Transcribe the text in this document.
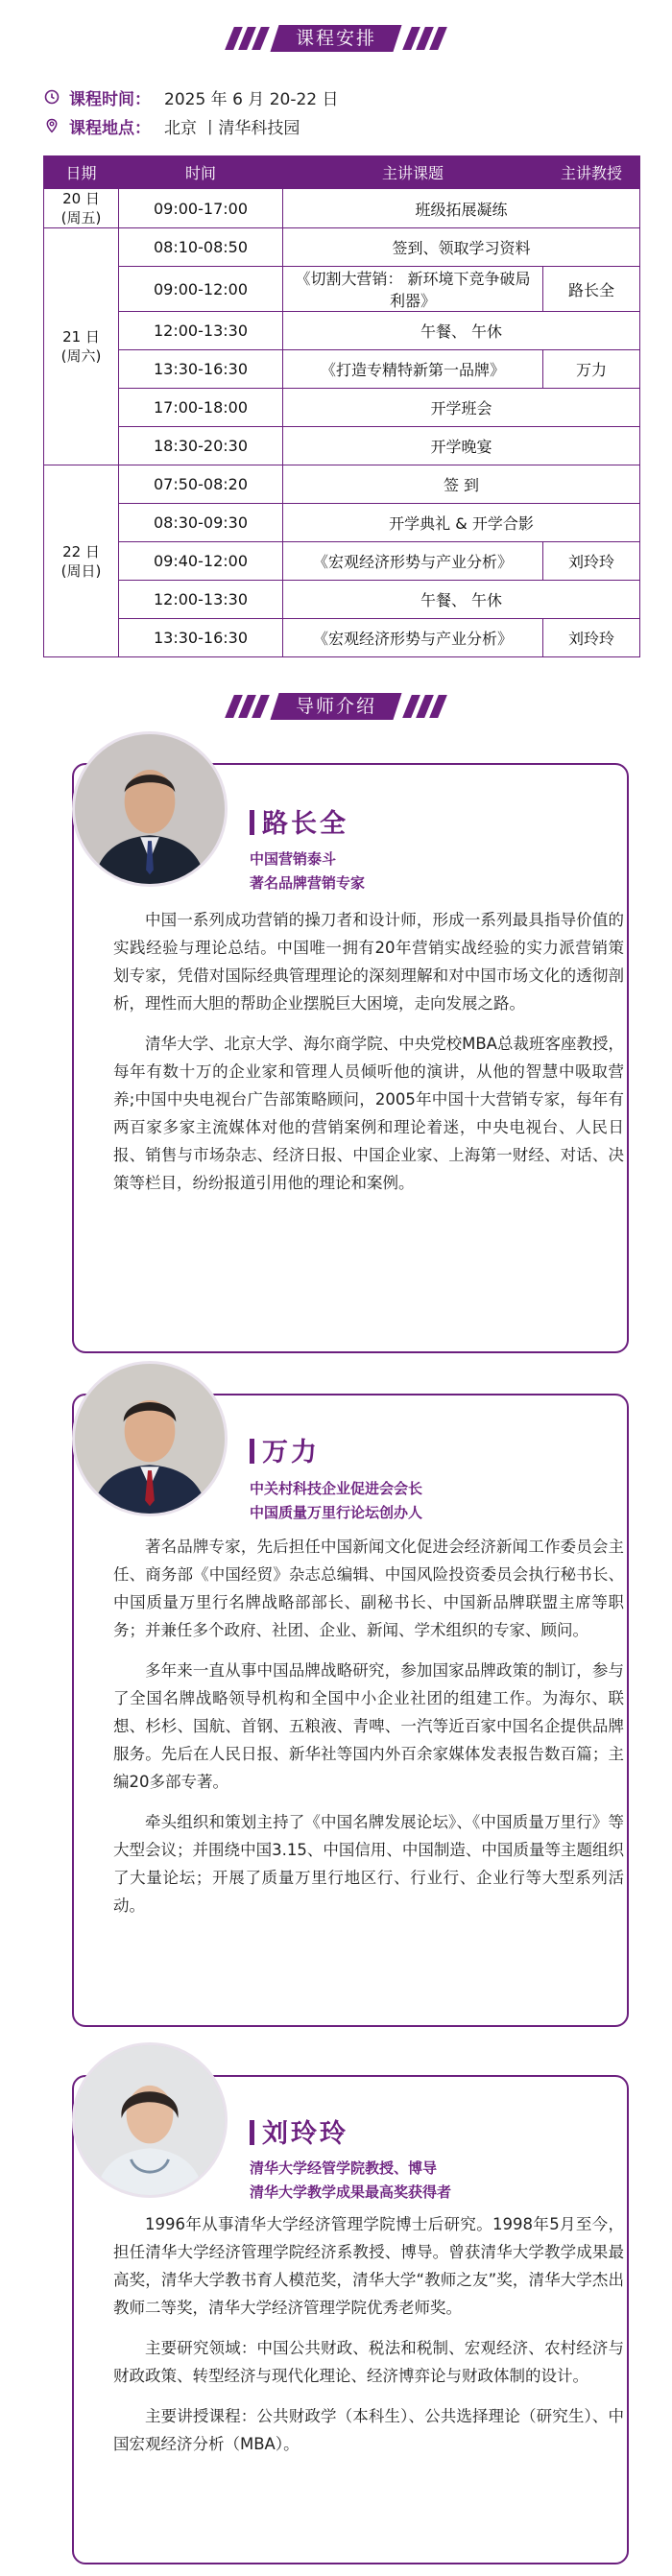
课程安排
课程时间： 2025 年 6 月 20-22 日
课程地点： 北京 丨清华科技园
日期	时间	主讲课题	主讲教授

20 日
(周五)	09:00-17:00	班级拓展凝练	

21 日
(周六)	08:10-08:50	签到、领取学习资料	
	09:00-12:00	《切割大营销： 新环境下竞争破局利器》	路长全
	12:00-13:30	午餐、 午休	
	13:30-16:30	《打造专精特新第一品牌》	万力
	17:00-18:00	开学班会	
	18:30-20:30	开学晚宴	

22 日
(周日)	07:50-08:20	签 到	
	08:30-09:30	开学典礼 & 开学合影	
	09:40-12:00	《宏观经济形势与产业分析》	刘玲玲
	12:00-13:30	午餐、 午休	
	13:30-16:30	《宏观经济形势与产业分析》	刘玲玲
导师介绍
路长全
中国营销泰斗
著名品牌营销专家

中国一系列成功营销的操刀者和设计师，形成一系列最具指导价值的实践经验与理论总结。中国唯一拥有20年营销实战经验的实力派营销策划专家，凭借对国际经典管理理论的深刻理解和对中国市场文化的透彻剖析，理性而大胆的帮助企业摆脱巨大困境，走向发展之路。

清华大学、北京大学、海尔商学院、中央党校MBA总裁班客座教授，每年有数十万的企业家和管理人员倾听他的演讲，从他的智慧中吸取营养;中国中央电视台广告部策略顾问，2005年中国十大营销专家，每年有两百家多家主流媒体对他的营销案例和理论着迷，中央电视台、人民日报、销售与市场杂志、经济日报、中国企业家、上海第一财经、对话、决策等栏目，纷纷报道引用他的理论和案例。

万力
中关村科技企业促进会会长
中国质量万里行论坛创办人

著名品牌专家，先后担任中国新闻文化促进会经济新闻工作委员会主任、商务部《中国经贸》杂志总编辑、中国风险投资委员会执行秘书长、中国质量万里行名牌战略部部长、副秘书长、中国新品牌联盟主席等职务；并兼任多个政府、社团、企业、新闻、学术组织的专家、顾问。

多年来一直从事中国品牌战略研究，参加国家品牌政策的制订，参与了全国名牌战略领导机构和全国中小企业社团的组建工作。为海尔、联想、杉杉、国航、首钢、五粮液、青啤、一汽等近百家中国名企提供品牌服务。先后在人民日报、新华社等国内外百余家媒体发表报告数百篇；主编20多部专著。

牵头组织和策划主持了《中国名牌发展论坛》、《中国质量万里行》等大型会议；并围绕中国3.15、中国信用、中国制造、中国质量等主题组织了大量论坛；开展了质量万里行地区行、行业行、企业行等大型系列活动。

刘玲玲
清华大学经管学院教授、博导
清华大学教学成果最高奖获得者

1996年从事清华大学经济管理学院博士后研究。1998年5月至今，担任清华大学经济管理学院经济系教授、博导。曾获清华大学教学成果最高奖，清华大学教书育人模范奖，清华大学“教师之友”奖，清华大学杰出教师二等奖，清华大学经济管理学院优秀老师奖。

主要研究领域：中国公共财政、税法和税制、宏观经济、农村经济与财政政策、转型经济与现代化理论、经济博弈论与财政体制的设计。

主要讲授课程：公共财政学（本科生）、公共选择理论（研究生）、中国宏观经济分析（MBA）。
